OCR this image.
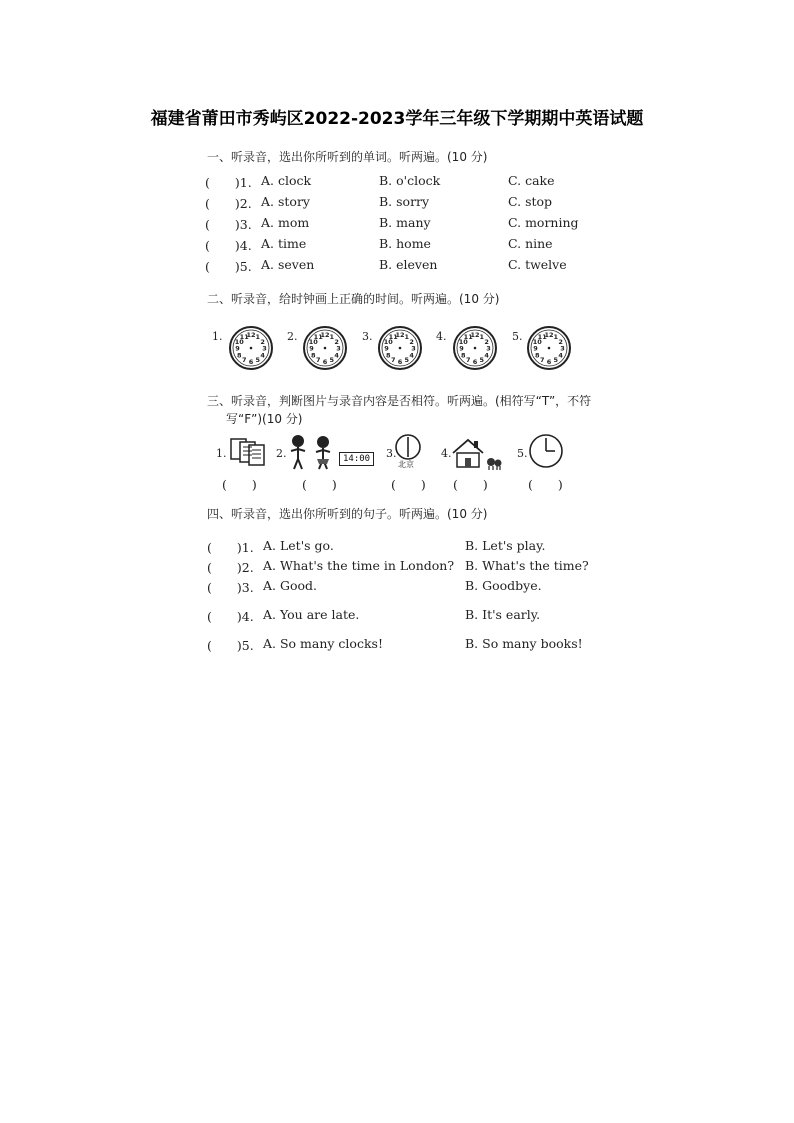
福建省莆田市秀屿区2022-2023学年三年级下学期期中英语试题
一、听录音，选出你所听到的单词。听两遍。(10 分)
(　　)1. A. clock	B. o'clock	C. cake
(　　)2. A. story	B. sorry	C. stop
(　　)3. A. mom	B. many	C. morning
(　　)4. A. time	B. home	C. nine
(　　)5. A. seven	B. eleven	C. twelve
二、听录音，给时钟画上正确的时间。听两遍。(10 分)
1.	12 1
2
3
4
5
6
7
8
9
10
11	2.	12 1
2
3
4
5
6
7
8
9
10
11	3.	12 1
2
3
4
5
6
7
8
9
10
11	4.	12 1
2
3
4
5
6
7
8
9
10
11	5.	12 1
2
3
4
5
6
7
8
9
10
11
三、听录音，判断图片与录音内容是否相符。听两遍。(相符写“T”，不符
写“F”)(10 分)
1.	2.	14:00	3.
北京
4.	5.
(　　)	(　　)	(　　) (　　)	(　　)
四、听录音，选出你所听到的句子。听两遍。(10 分)
(　　)1. A. Let's go.	B. Let's play.
(　　)2. A. What's the time in London? B. What's the time?
(　　)3. A. Good.	B. Goodbye.
(　　)4. A. You are late.	B. It's early.
(　　)5. A. So many clocks!	B. So many books!
